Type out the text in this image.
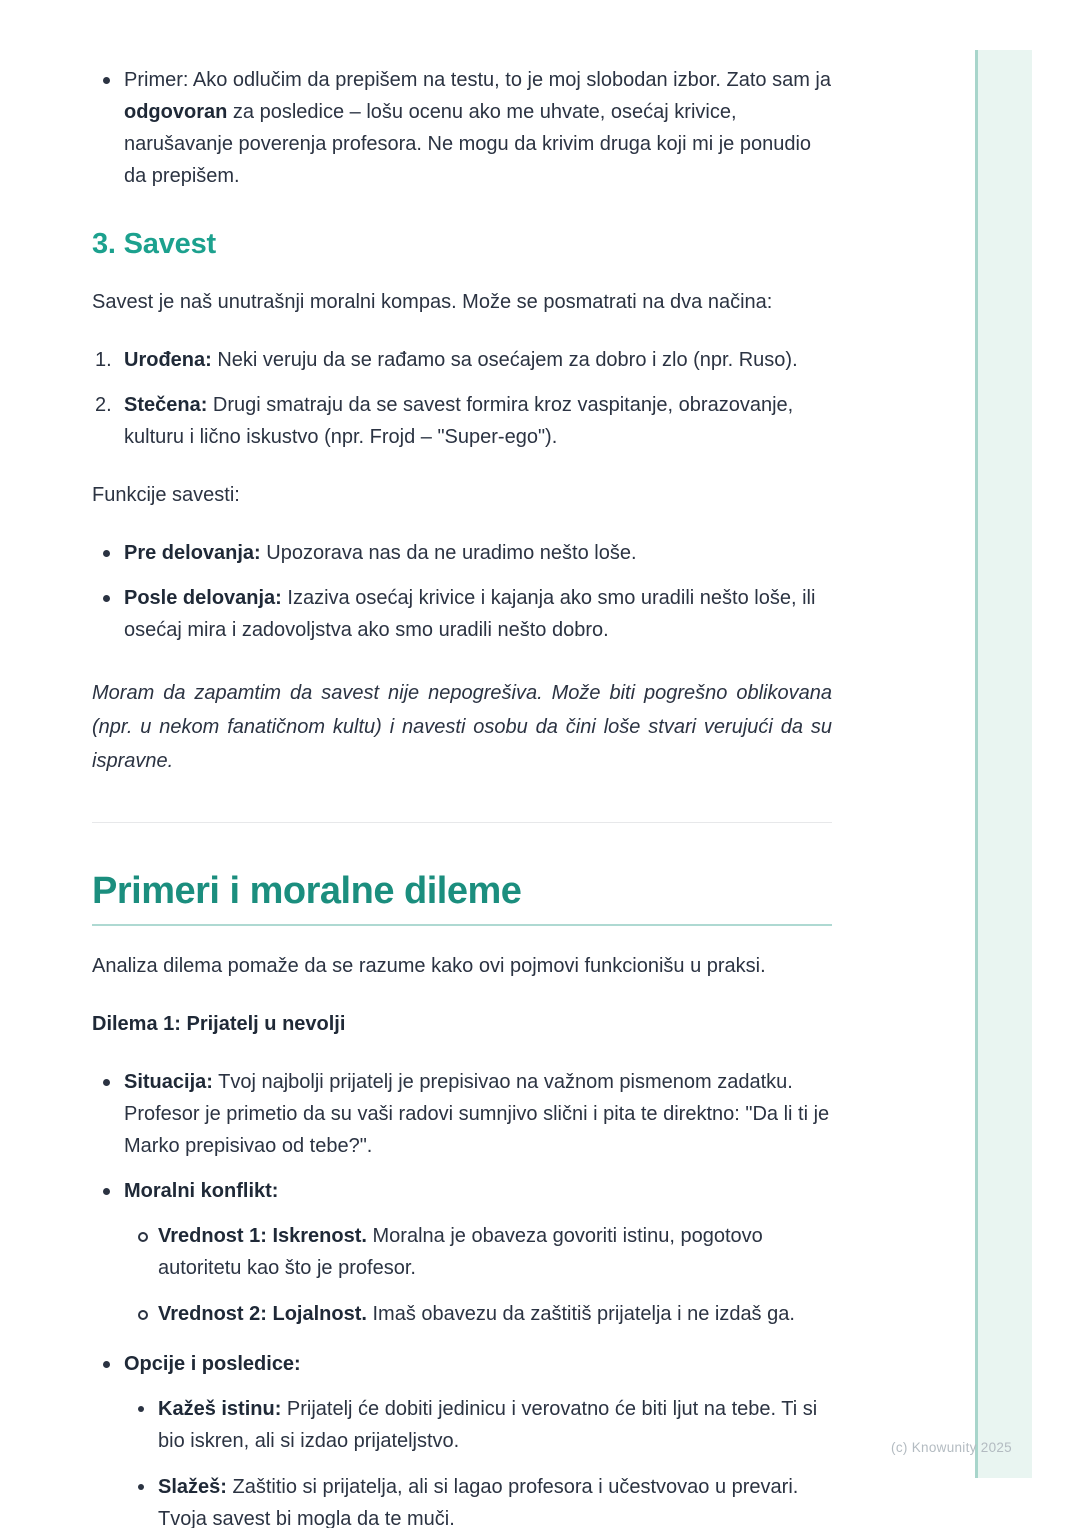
(c) Knowunity 2025
Primer: Ako odlučim da prepišem na testu, to je moj slobodan izbor. Zato sam ja odgovoran za posledice – lošu ocenu ako me uhvate, osećaj krivice, narušavanje poverenja profesora. Ne mogu da krivim druga koji mi je ponudio da prepišem.
3. Savest

Savest je naš unutrašnji moralni kompas. Može se posmatrati na dva načina:

1. Urođena: Neki veruju da se rađamo sa osećajem za dobro i zlo (npr. Ruso).
2. Stečena: Drugi smatraju da se savest formira kroz vaspitanje, obrazovanje, kulturu i lično iskustvo (npr. Frojd – "Super-ego").

Funkcije savesti:

Pre delovanja: Upozorava nas da ne uradimo nešto loše.
Posle delovanja: Izaziva osećaj krivice i kajanja ako smo uradili nešto loše, ili osećaj mira i zadovoljstva ako smo uradili nešto dobro.

Moram da zapamtim da savest nije nepogrešiva. Može biti pogrešno oblikovana (npr. u nekom fanatičnom kultu) i navesti osobu da čini loše stvari verujući da su ispravne.

Primeri i moralne dileme

Analiza dilema pomaže da se razume kako ovi pojmovi funkcionišu u praksi.

Dilema 1: Prijatelj u nevolji

Situacija: Tvoj najbolji prijatelj je prepisivao na važnom pismenom zadatku. Profesor je primetio da su vaši radovi sumnjivo slični i pita te direktno: "Da li ti je Marko prepisivao od tebe?".
Moralni konflikt:
Vrednost 1: Iskrenost. Moralna je obaveza govoriti istinu, pogotovo autoritetu kao što je profesor.
Vrednost 2: Lojalnost. Imaš obavezu da zaštitiš prijatelja i ne izdaš ga.
Opcije i posledice:
Kažeš istinu: Prijatelj će dobiti jedinicu i verovatno će biti ljut na tebe. Ti si bio iskren, ali si izdao prijateljstvo.
Slažeš: Zaštitio si prijatelja, ali si lagao profesora i učestvovao u prevari. Tvoja savest bi mogla da te muči.
